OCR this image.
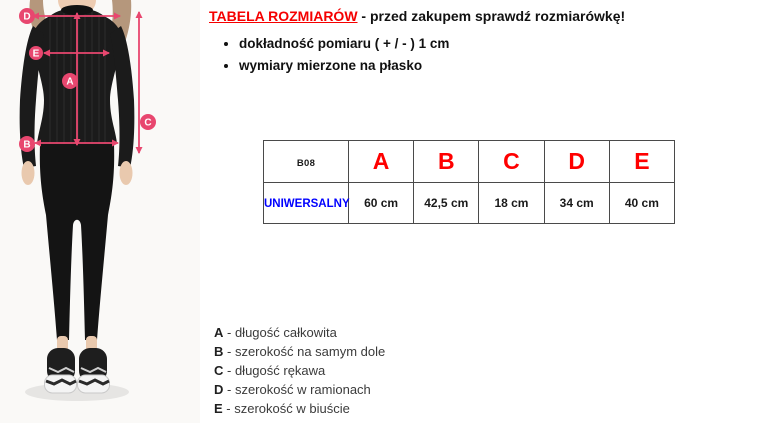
D
E
A
C
B
TABELA ROZMIARÓW - przed zakupem sprawdź rozmiarówkę!
• dokładność pomiaru ( + / - ) 1 cm
• wymiary mierzone na płasko
B08	A	B	C	D	E
UNIWERSALNY	60 cm	42,5 cm	18 cm	34 cm	40 cm
A - długość całkowita
B - szerokość na samym dole
C - długość rękawa
D - szerokość w ramionach
E - szerokość w biuście
